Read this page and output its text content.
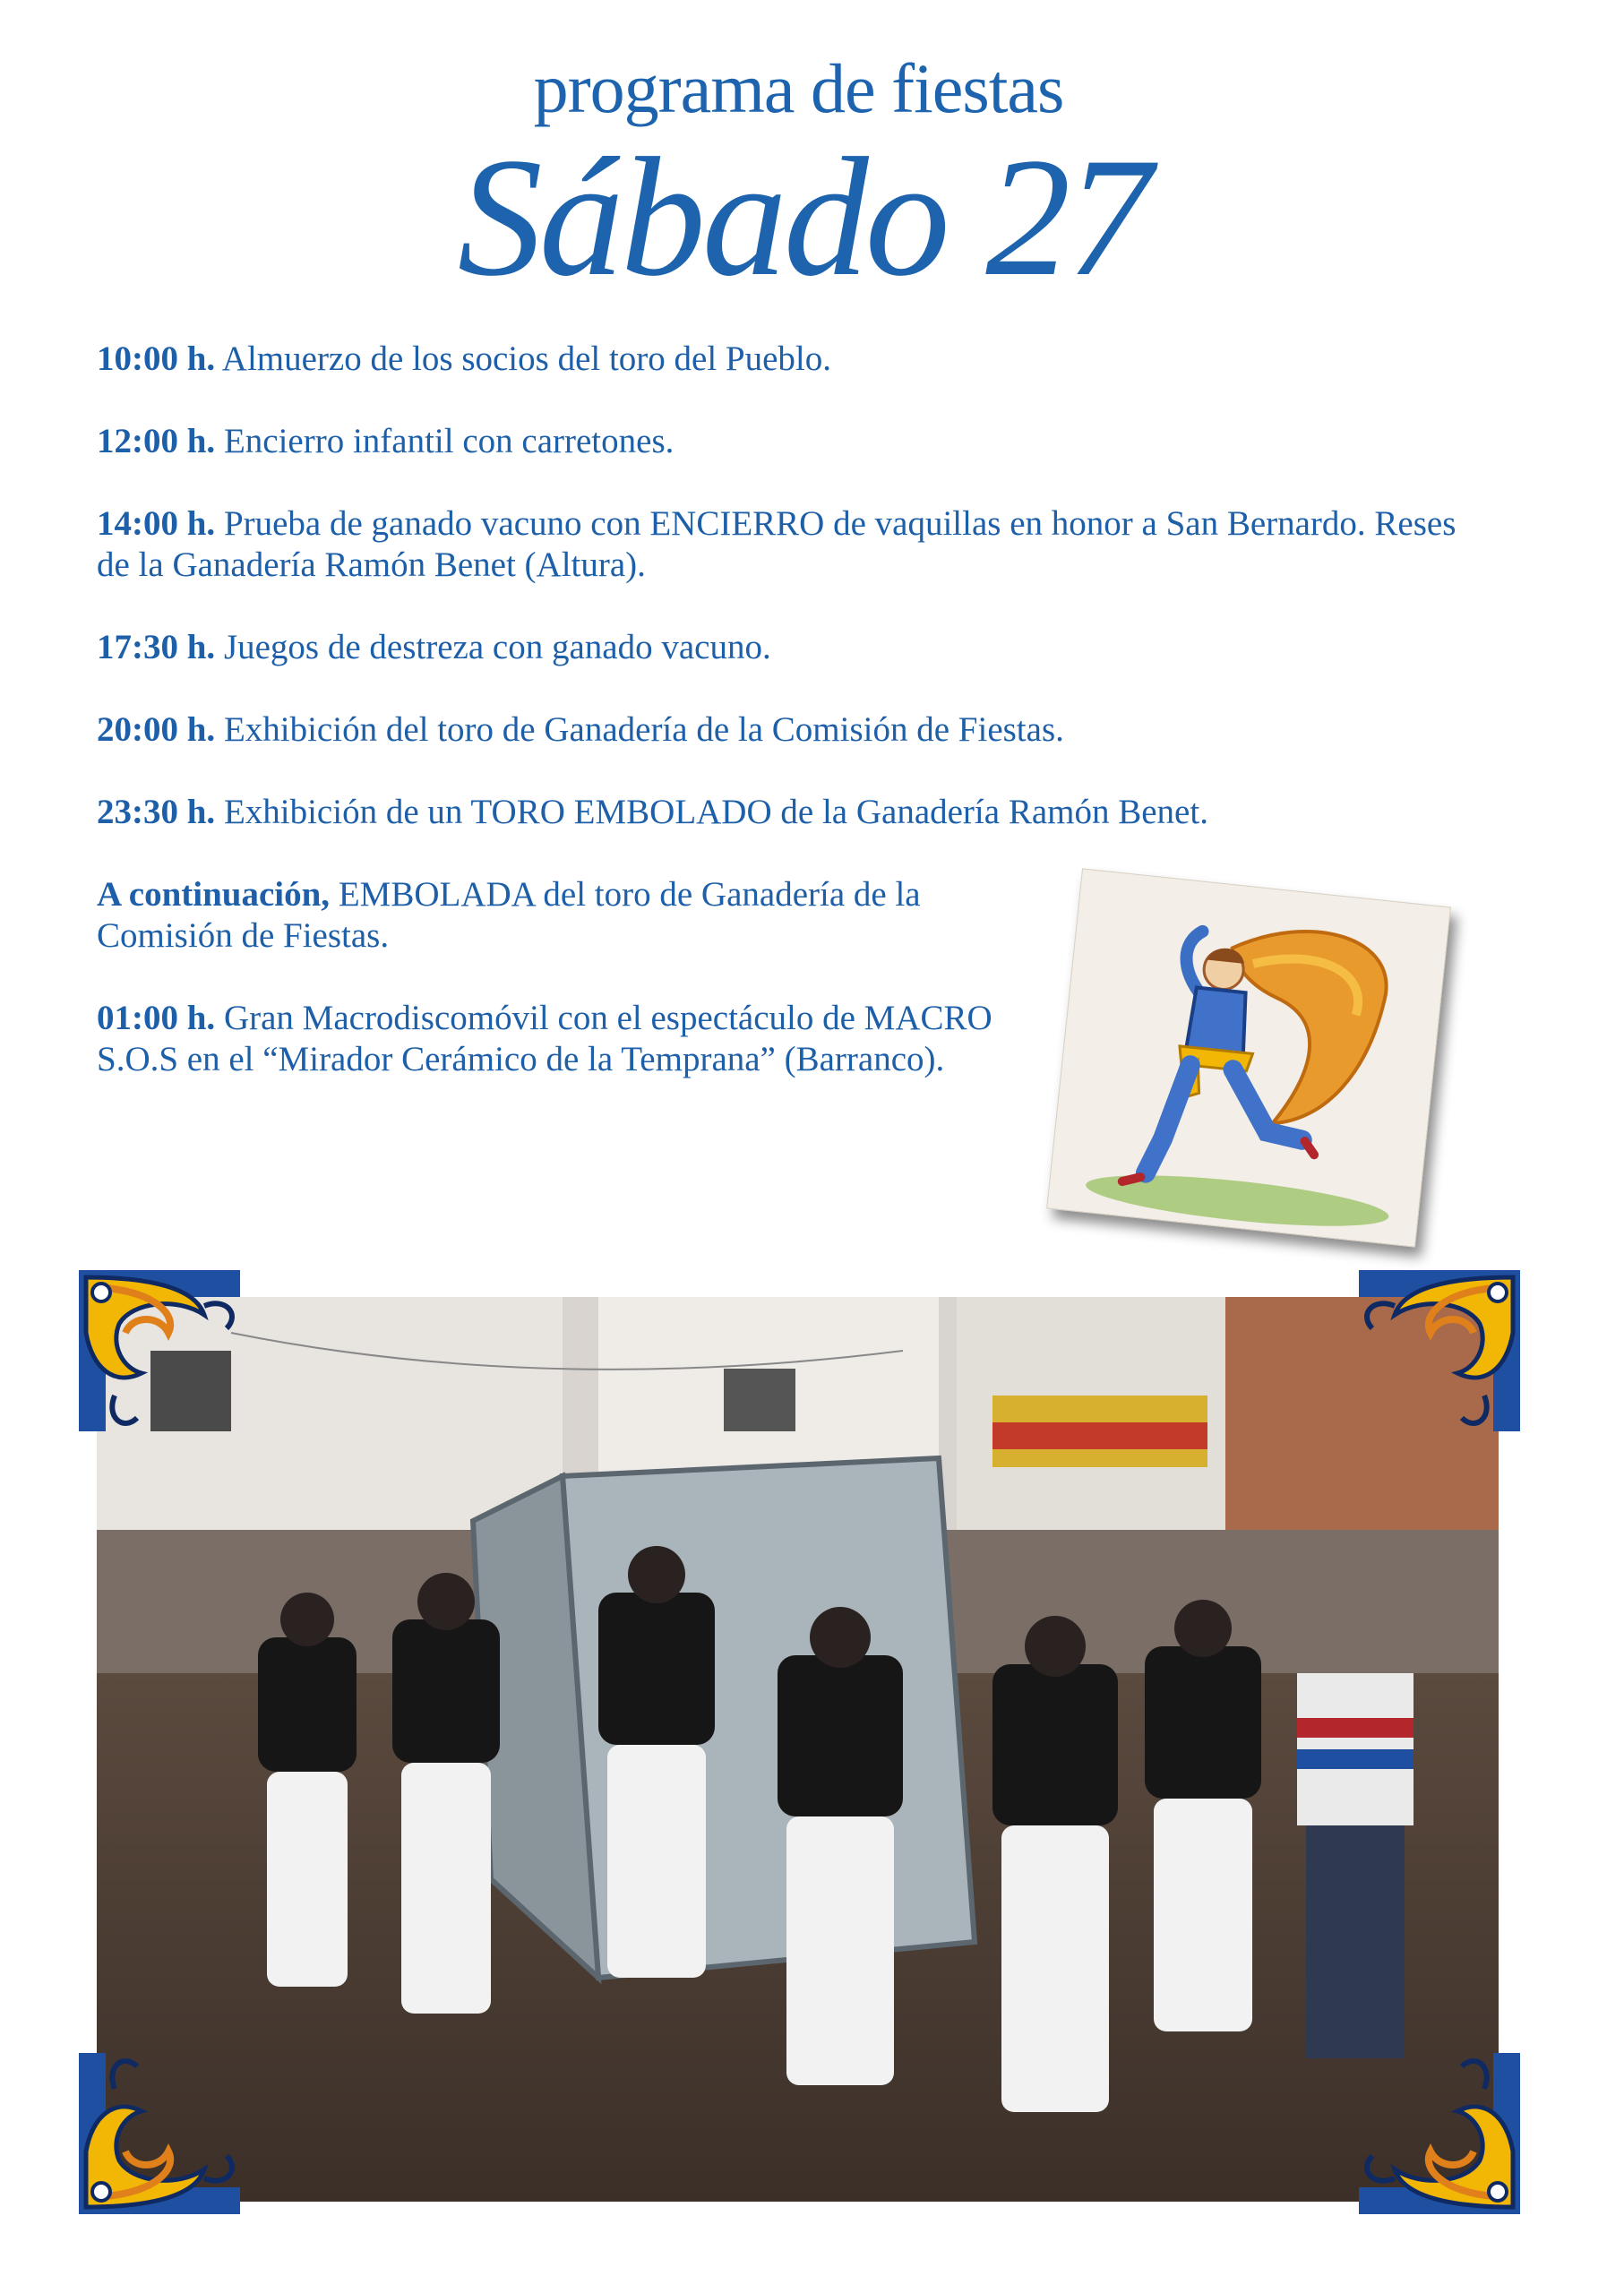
programa de fiestas
Sábado 27

10:00 h. Almuerzo de los socios del toro del Pueblo.

12:00 h. Encierro infantil con carretones.

14:00 h. Prueba de ganado vacuno con ENCIERRO de vaquillas en honor a San Bernardo. Reses de la Ganadería Ramón Benet (Altura).

17:30 h. Juegos de destreza con ganado vacuno.

20:00 h. Exhibición del toro de Ganadería de la Comisión de Fiestas.

23:30 h. Exhibición de un TORO EMBOLADO de la Ganadería Ramón Benet.

A continuación, EMBOLADA del toro de Ganadería de la Comisión de Fiestas.

01:00 h. Gran Macrodiscomóvil con el espectáculo de MACRO S.O.S en el “Mirador Cerámico de la Temprana” (Barranco).
